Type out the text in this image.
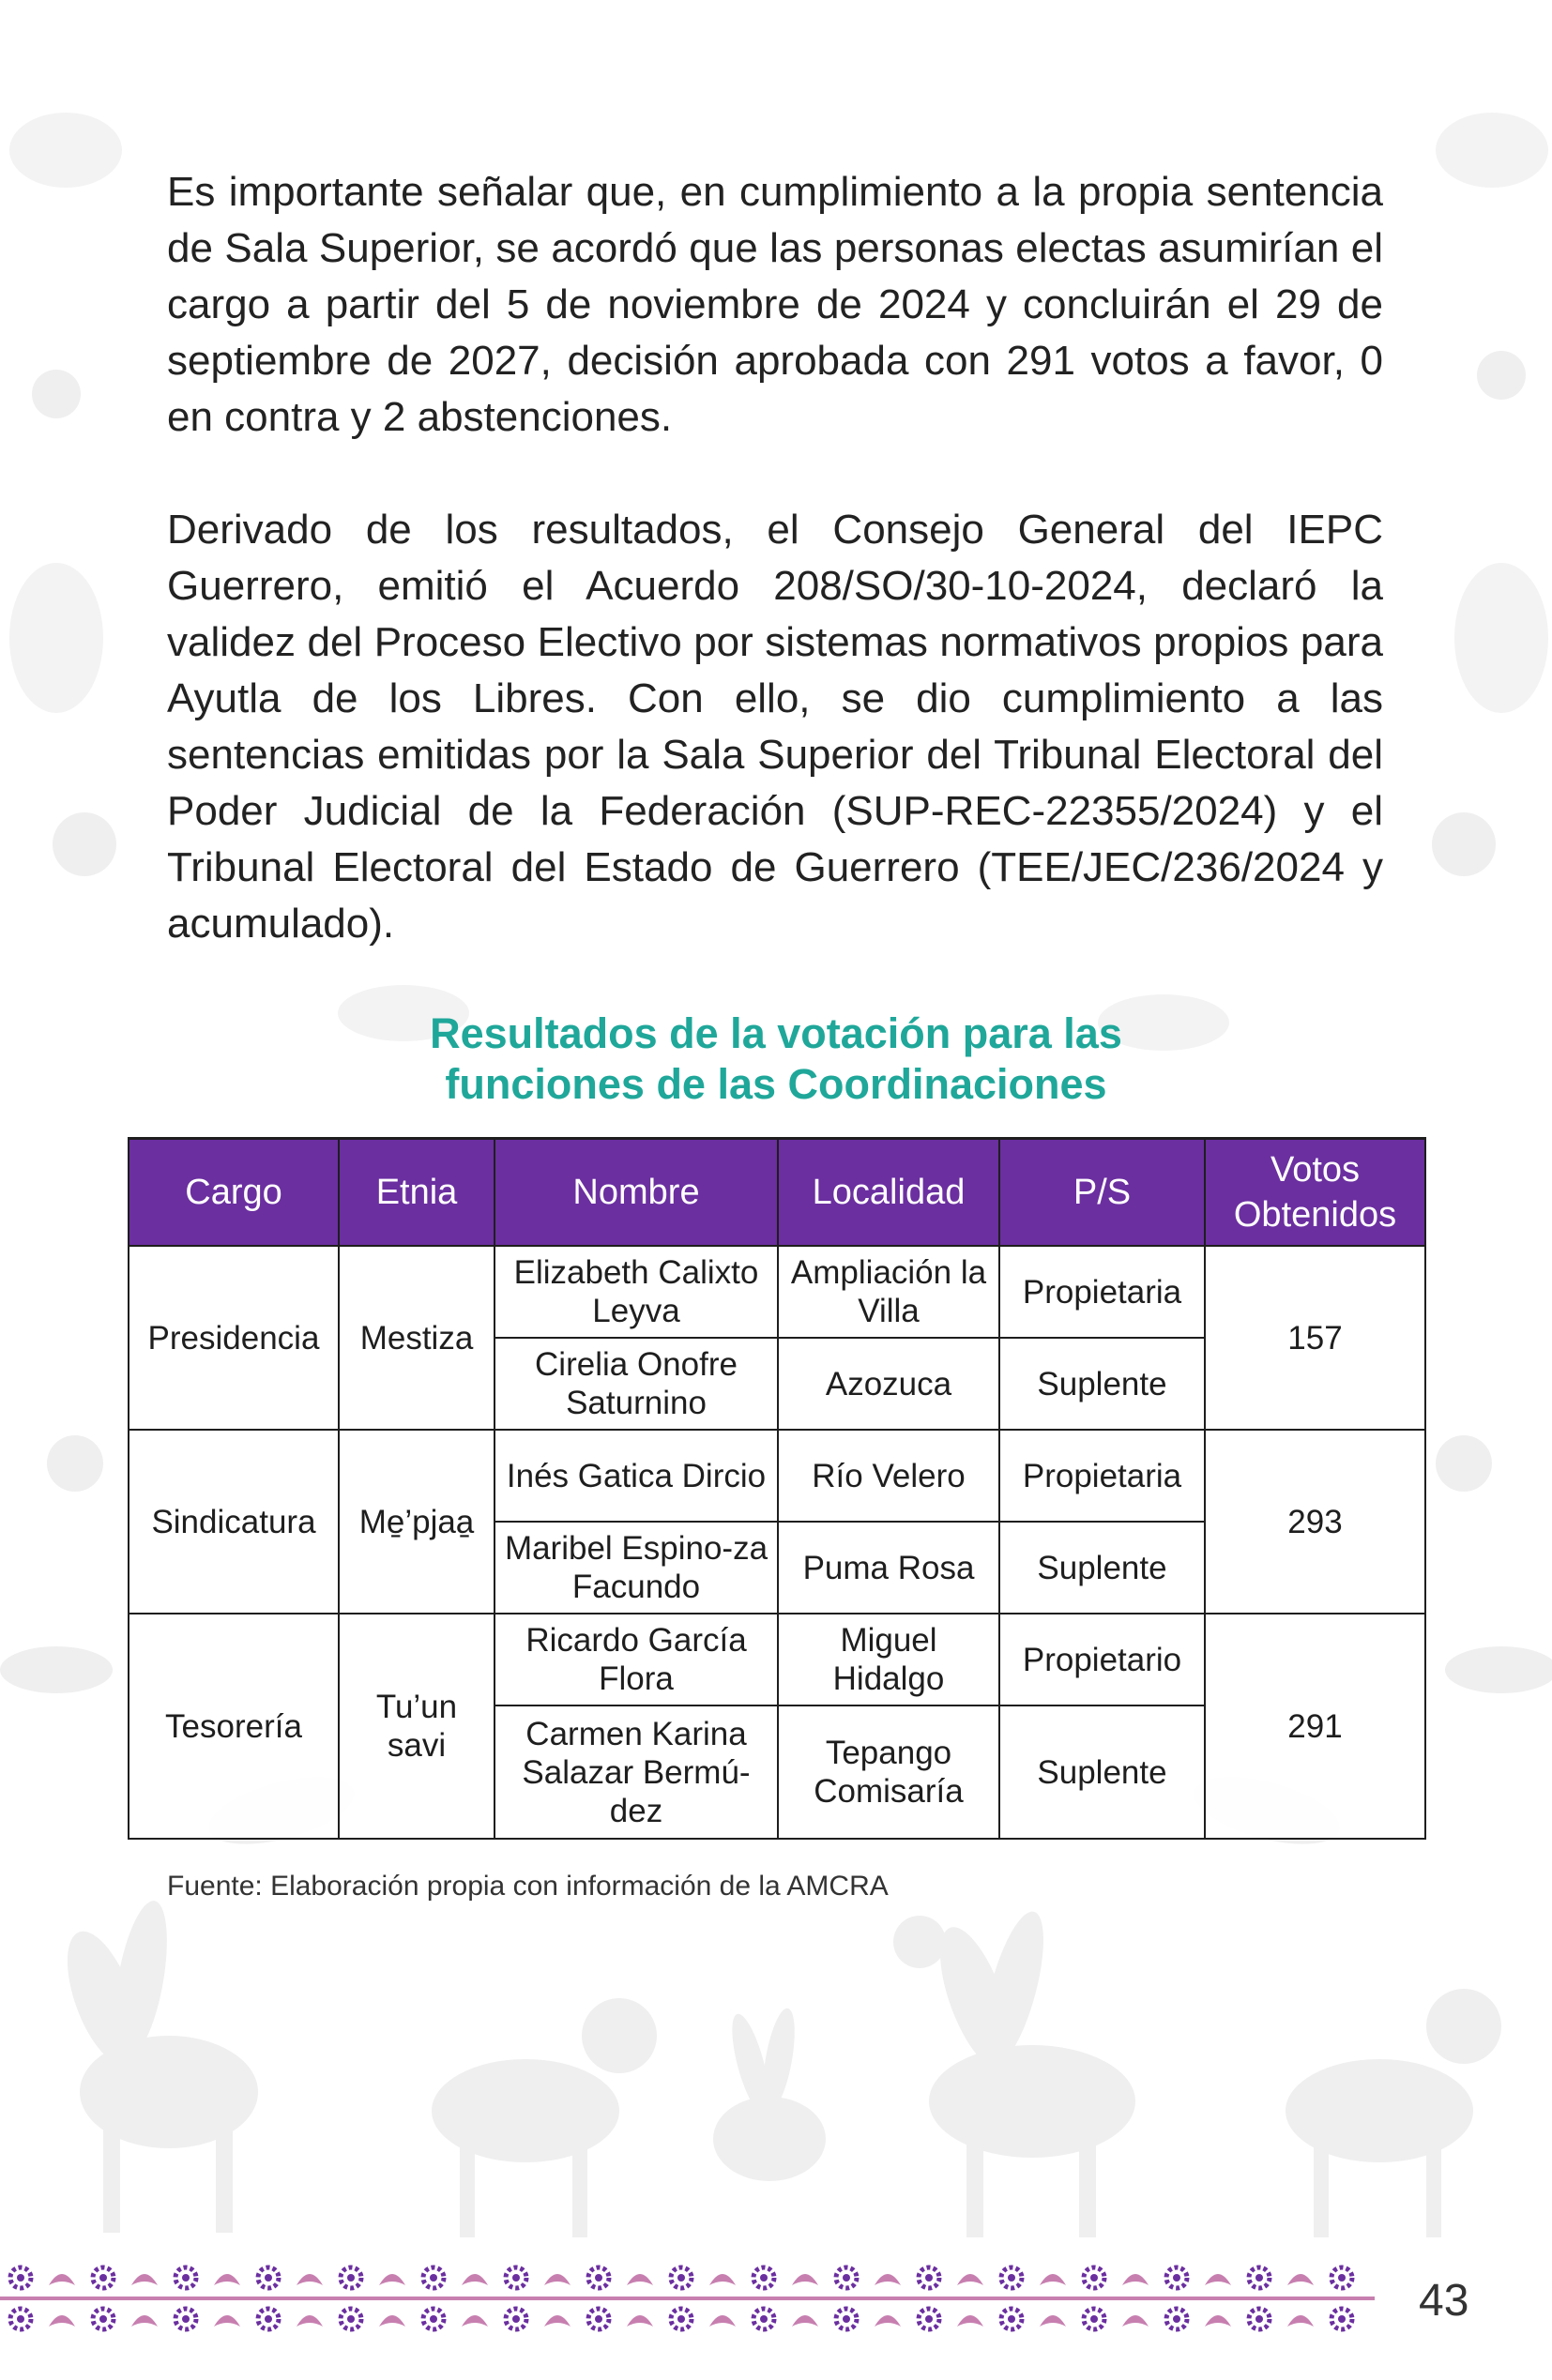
Es importante señalar que, en cumplimiento a la propia sentencia de Sala Superior, se acordó que las personas electas asumirían el cargo a partir del 5 de noviembre de 2024 y concluirán el 29 de septiembre de 2027, decisión aprobada con 291 votos a favor, 0 en contra y 2 abstenciones.

Derivado de los resultados, el Consejo General del IEPC Guerrero, emitió el Acuerdo 208/SO/30-10-2024, declaró la validez del Proceso Electivo por sistemas normativos propios para Ayutla de los Libres. Con ello, se dio cumplimiento a las sentencias emitidas por la Sala Superior del Tribunal Electoral del Poder Judicial de la Federación (SUP-REC-22355/2024) y el Tribunal Electoral del Estado de Guerrero (TEE/JEC/236/2024 y acumulado).

Resultados de la votación para las
funciones de las Coordinaciones
Cargo	Etnia	Nombre	Localidad	P/S	Votos Obtenidos
Presidencia	Mestiza	Elizabeth Calixto Leyva	Ampliación la Villa	Propietaria	157
		Cirelia Onofre Saturnino	Azozuca	Suplente	
Sindicatura	Me̱’pjaa̱	Inés Gatica Dircio	Río Velero	Propietaria	293
		Maribel Espino-za Facundo	Puma Rosa	Suplente	
Tesorería	Tu’un savi	Ricardo García Flora	Miguel Hidalgo	Propietario	291
		Carmen Karina Salazar Bermú-dez	Tepango Comisaría	Suplente	
Fuente: Elaboración propia con información de la AMCRA
43
